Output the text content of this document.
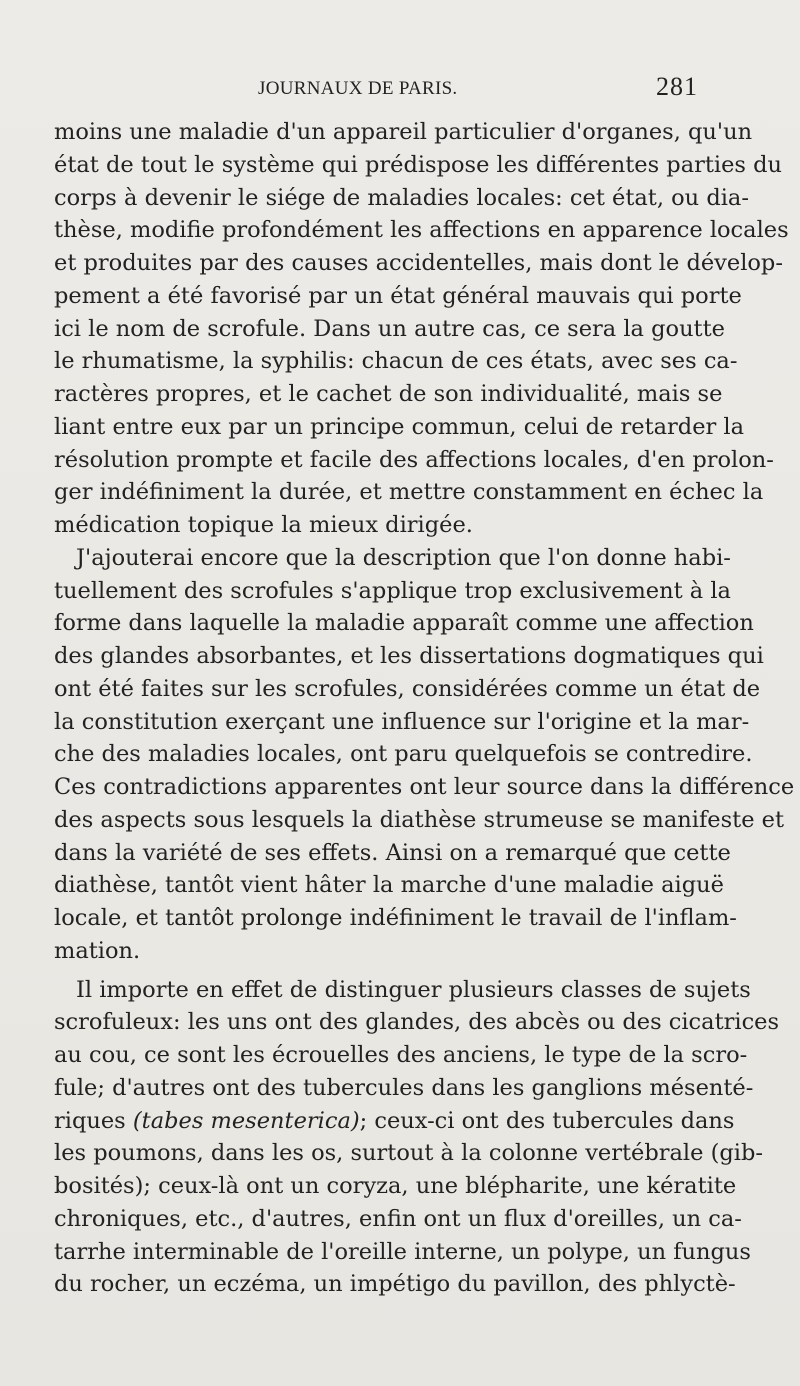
JOURNAUX DE PARIS.	281
moins une maladie d'un appareil particulier d'organes, qu'un
état de tout le système qui prédispose les différentes parties du
corps à devenir le siége de maladies locales: cet état, ou dia-
thèse, modifie profondément les affections en apparence locales
et produites par des causes accidentelles, mais dont le dévelop-
pement a été favorisé par un état général mauvais qui porte
ici le nom de scrofule. Dans un autre cas, ce sera la goutte
le rhumatisme, la syphilis: chacun de ces états, avec ses ca-
ractères propres, et le cachet de son individualité, mais se
liant entre eux par un principe commun, celui de retarder la
résolution prompte et facile des affections locales, d'en prolon-
ger indéfiniment la durée, et mettre constamment en échec la
médication topique la mieux dirigée.
J'ajouterai encore que la description que l'on donne habi-
tuellement des scrofules s'applique trop exclusivement à la
forme dans laquelle la maladie apparaît comme une affection
des glandes absorbantes, et les dissertations dogmatiques qui
ont été faites sur les scrofules, considérées comme un état de
la constitution exerçant une influence sur l'origine et la mar-
che des maladies locales, ont paru quelquefois se contredire.
Ces contradictions apparentes ont leur source dans la différence
des aspects sous lesquels la diathèse strumeuse se manifeste et
dans la variété de ses effets. Ainsi on a remarqué que cette
diathèse, tantôt vient hâter la marche d'une maladie aiguë
locale, et tantôt prolonge indéfiniment le travail de l'inflam-
mation.
Il importe en effet de distinguer plusieurs classes de sujets
scrofuleux: les uns ont des glandes, des abcès ou des cicatrices
au cou, ce sont les écrouelles des anciens, le type de la scro-
fule; d'autres ont des tubercules dans les ganglions mésenté-
riques (tabes mesenterica); ceux-ci ont des tubercules dans
les poumons, dans les os, surtout à la colonne vertébrale (gib-
bosités); ceux-là ont un coryza, une blépharite, une kératite
chroniques, etc., d'autres, enfin ont un flux d'oreilles, un ca-
tarrhe interminable de l'oreille interne, un polype, un fungus
du rocher, un eczéma, un impétigo du pavillon, des phlyctè-
